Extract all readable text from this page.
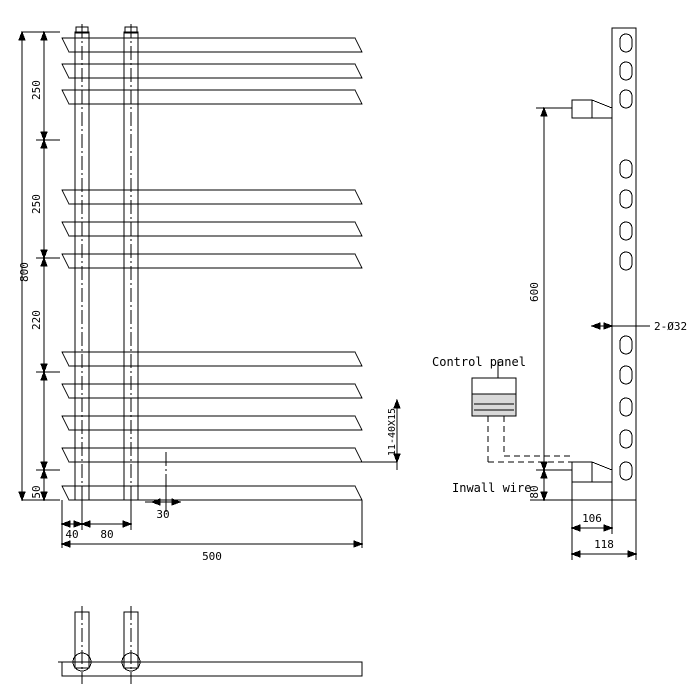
800
250
250
220
50
40 80
30
500
11-40X15
600
80
106
118
2-Ø32
Control panel
Inwall wire
